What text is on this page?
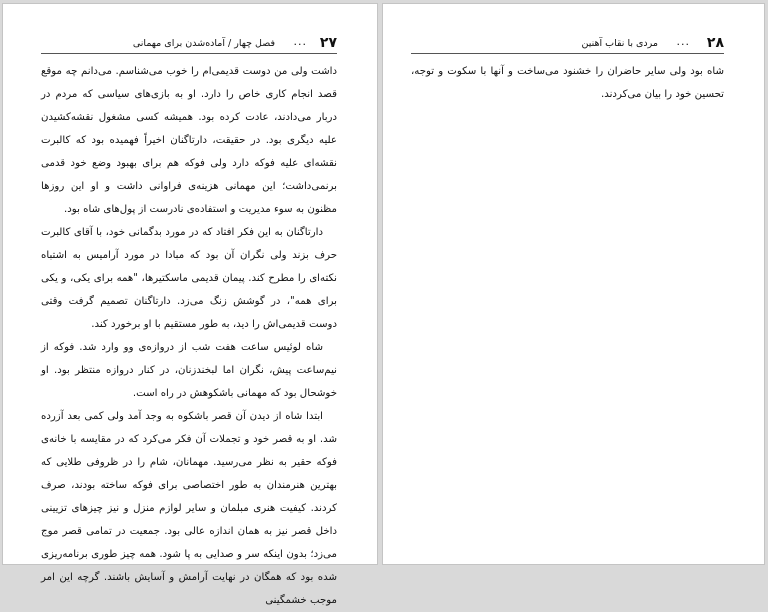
۲۷
...
فصل چهار / آماده‌شدن برای مهمانی

داشت ولی من دوست قدیمی‌ام را خوب می‌شناسم. می‌دانم چه موقع قصد انجام کاری خاص را دارد. او به بازی‌های سیاسی که مردم در دربار می‌دادند، عادت کرده بود. همیشه کسی مشغول نقشه‌کشیدن علیه دیگری بود. در حقیقت، دارتاگنان اخیراً فهمیده بود که کالبرت نقشه‌ای علیه فوکه دارد ولی فوکه هم برای بهبود وضع خود قدمی برنمی‌داشت؛ این مهمانی هزینه‌ی فراوانی داشت و او این روزها مظنون به سوء مدیریت و استفاده‌ی نادرست از پول‌های شاه بود.

دارتاگنان به این فکر افتاد که در مورد بدگمانی خود، با آقای کالبرت حرف بزند ولی نگران آن بود که مبادا در مورد آرامیس به اشتباه نکته‌ای را مطرح کند. پیمان قدیمی ماسکتیرها، "همه برای یکی، و یکی برای همه"، در گوشش زنگ می‌زد. دارتاگنان تصمیم گرفت وقتی دوست قدیمی‌اش را دید، به طور مستقیم با او برخورد کند.

شاه لوئیس ساعت هفت شب از دروازه‌ی وو وارد شد. فوکه از نیم‌ساعت پیش، نگران اما لبخندزنان، در کنار دروازه منتظر بود. او خوشحال بود که مهمانی باشکوهش در راه است.

ابتدا شاه از دیدن آن قصر باشکوه به وجد آمد ولی کمی بعد آزرده شد. او به قصر خود و تجملات آن فکر می‌کرد که در مقایسه با خانه‌ی فوکه حقیر به نظر می‌رسید. مهمانان، شام را در ظروفی طلایی که بهترین هنرمندان به طور اختصاصی برای فوکه ساخته بودند، صرف کردند. کیفیت هنری مبلمان و سایر لوازم منزل و نیز چیزهای تزیینی داخل قصر نیز به همان اندازه عالی بود. جمعیت در تمامی قصر موج می‌زد؛ بدون اینکه سر و صدایی به پا شود. همه چیز طوری برنامه‌ریزی شده بود که همگان در نهایت آرامش و آسایش باشند. گرچه این امر موجب خشمگینی

۲۸
...
مردی با نقاب آهنین

شاه بود ولی سایر حاضران را خشنود می‌ساخت و آنها با سکوت و توجه، تحسین خود را بیان می‌کردند.
